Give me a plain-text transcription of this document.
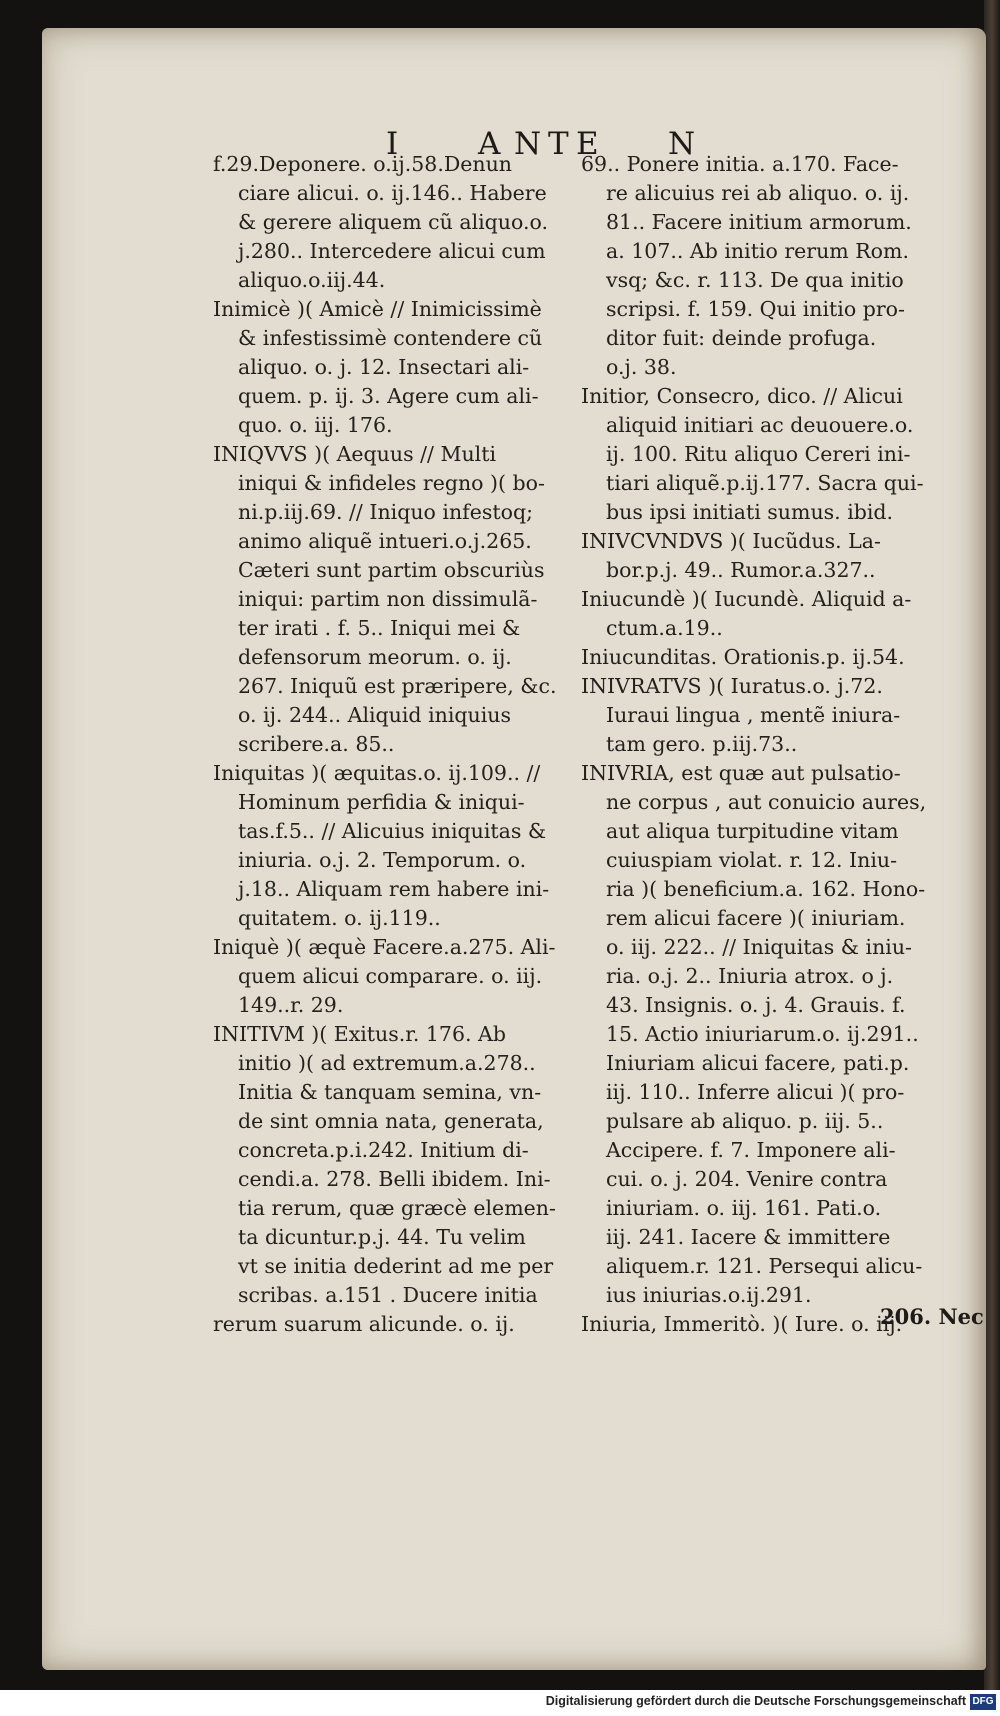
I	A N T E N
f.29.Deponere. o.ij.58.Denun
ciare alicui. o. ij.146.. Habere
& gerere aliquem cũ aliquo.o.
j.280.. Intercedere alicui cum
aliquo.o.iij.44.
Inimicè )( Amicè // Inimicissimè
& infestissimè contendere cũ
aliquo. o. j. 12. Insectari ali-
quem. p. ij. 3. Agere cum ali-
quo. o. iij. 176.
INIQVVS )( Aequus // Multi
iniqui & infideles regno )( bo-
ni.p.iij.69. // Iniquo infestoq;
animo aliquẽ intueri.o.j.265.
Cæteri sunt partim obscuriùs
iniqui: partim non dissimulã-
ter irati . f. 5.. Iniqui mei &
defensorum meorum. o. ij.
267. Iniquũ est præripere, &c.
o. ij. 244.. Aliquid iniquius
scribere.a. 85..
Iniquitas )( æquitas.o. ij.109.. //
Hominum perfidia & iniqui-
tas.f.5.. // Alicuius iniquitas &
iniuria. o.j. 2. Temporum. o.
j.18.. Aliquam rem habere ini-
quitatem. o. ij.119..
Iniquè )( æquè Facere.a.275. Ali-
quem alicui comparare. o. iij.
149..r. 29.
INITIVM )( Exitus.r. 176. Ab
initio )( ad extremum.a.278..
Initia & tanquam semina, vn-
de sint omnia nata, generata,
concreta.p.i.242. Initium di-
cendi.a. 278. Belli ibidem. Ini-
tia rerum, quæ græcè elemen-
ta dicuntur.p.j. 44. Tu velim
vt se initia dederint ad me per
scribas. a.151 . Ducere initia
rerum suarum alicunde. o. ij.
69.. Ponere initia. a.170. Face-
re alicuius rei ab aliquo. o. ij.
81.. Facere initium armorum.
a. 107.. Ab initio rerum Rom.
vsq; &c. r. 113. De qua initio
scripsi. f. 159. Qui initio pro-
ditor fuit: deinde profuga.
o.j. 38.
Initior, Consecro, dico. // Alicui
aliquid initiari ac deuouere.o.
ij. 100. Ritu aliquo Cereri ini-
tiari aliquẽ.p.ij.177. Sacra qui-
bus ipsi initiati sumus. ibid.
INIVCVNDVS )( Iucũdus. La-
bor.p.j. 49.. Rumor.a.327..
Iniucundè )( Iucundè. Aliquid a-
ctum.a.19..
Iniucunditas. Orationis.p. ij.54.
INIVRATVS )( Iuratus.o. j.72.
Iuraui lingua , mentẽ iniura-
tam gero. p.iij.73..
INIVRIA, est quæ aut pulsatio-
ne corpus , aut conuicio aures,
aut aliqua turpitudine vitam
cuiuspiam violat. r. 12. Iniu-
ria )( beneficium.a. 162. Hono-
rem alicui facere )( iniuriam.
o. iij. 222.. // Iniquitas & iniu-
ria. o.j. 2.. Iniuria atrox. o j.
43. Insignis. o. j. 4. Grauis. f.
15. Actio iniuriarum.o. ij.291..
Iniuriam alicui facere, pati.p.
iij. 110.. Inferre alicui )( pro-
pulsare ab aliquo. p. iij. 5..
Accipere. f. 7. Imponere ali-
cui. o. j. 204. Venire contra
iniuriam. o. iij. 161. Pati.o.
iij. 241. Iacere & immittere
aliquem.r. 121. Persequi alicu-
ius iniurias.o.ij.291.
Iniuria, Immeritò. )( Iure. o. iij.
206. Nec
Digitalisierung gefördert durch die Deutsche Forschungsgemeinschaft DFG
